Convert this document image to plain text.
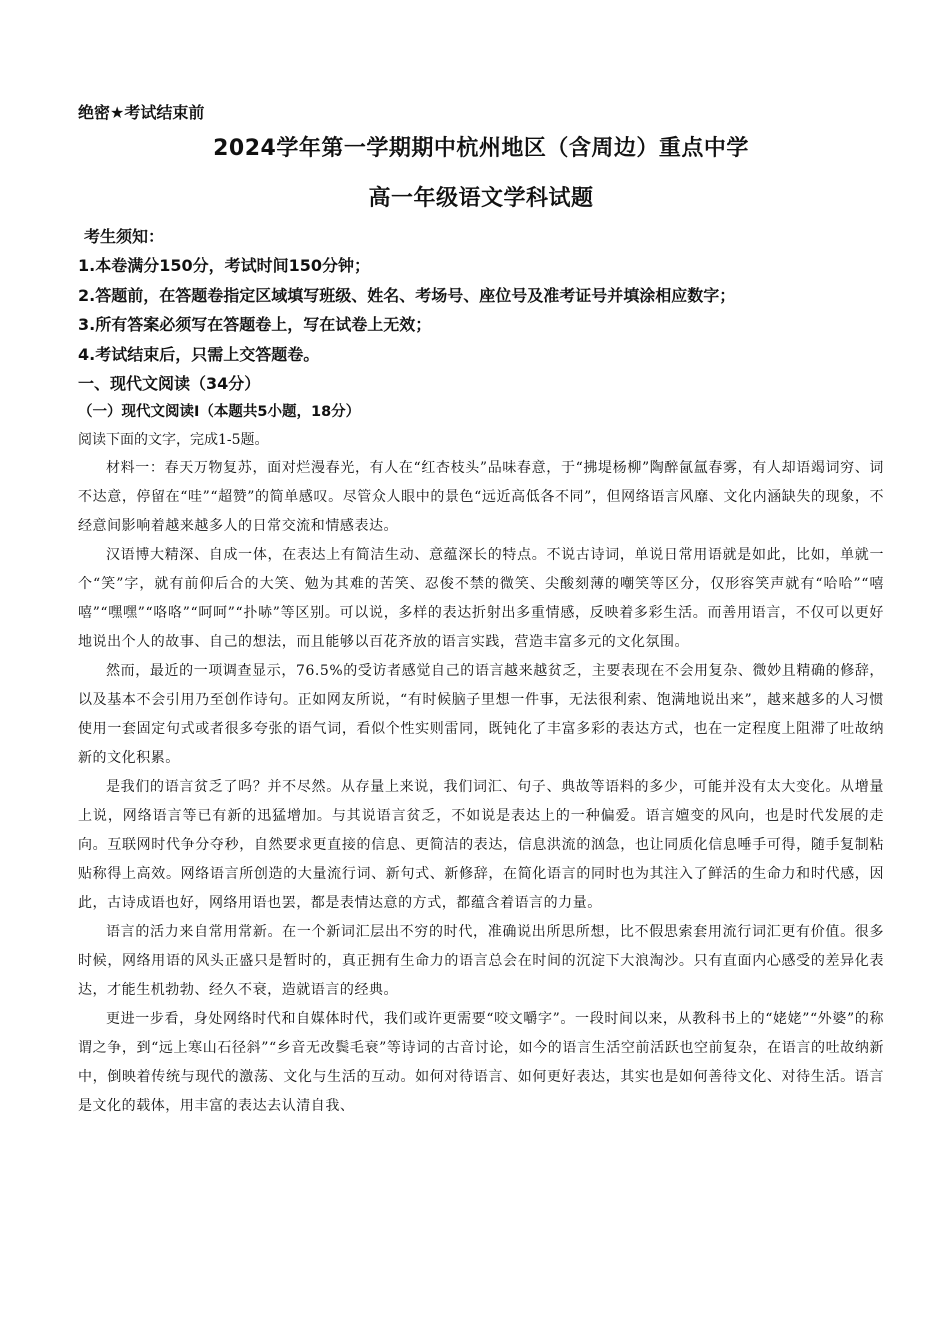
绝密★考试结束前

2024学年第一学期期中杭州地区（含周边）重点中学
高一年级语文学科试题

考生须知：

1.本卷满分150分，考试时间150分钟；
2.答题前，在答题卷指定区域填写班级、姓名、考场号、座位号及准考证号并填涂相应数字；
3.所有答案必须写在答题卷上，写在试卷上无效；
4.考试结束后，只需上交答题卷。

一、现代文阅读（34分）

（一）现代文阅读Ⅰ（本题共5小题，18分）

阅读下面的文字，完成1-5题。

材料一：春天万物复苏，面对烂漫春光，有人在“红杏枝头”品味春意，于“拂堤杨柳”陶醉氤氲春雾，有人却语竭词穷、词不达意，停留在“哇”“超赞”的简单感叹。尽管众人眼中的景色“远近高低各不同”，但网络语言风靡、文化内涵缺失的现象，不经意间影响着越来越多人的日常交流和情感表达。

汉语博大精深、自成一体，在表达上有简洁生动、意蕴深长的特点。不说古诗词，单说日常用语就是如此，比如，单就一个“笑”字，就有前仰后合的大笑、勉为其难的苦笑、忍俊不禁的微笑、尖酸刻薄的嘲笑等区分，仅形容笑声就有“哈哈”“嘻嘻”“嘿嘿”“咯咯”“呵呵”“扑哧”等区别。可以说，多样的表达折射出多重情感，反映着多彩生活。而善用语言，不仅可以更好地说出个人的故事、自己的想法，而且能够以百花齐放的语言实践，营造丰富多元的文化氛围。

然而，最近的一项调查显示，76.5%的受访者感觉自己的语言越来越贫乏，主要表现在不会用复杂、微妙且精确的修辞，以及基本不会引用乃至创作诗句。正如网友所说，“有时候脑子里想一件事，无法很利索、饱满地说出来”，越来越多的人习惯使用一套固定句式或者很多夸张的语气词，看似个性实则雷同，既钝化了丰富多彩的表达方式，也在一定程度上阻滞了吐故纳新的文化积累。

是我们的语言贫乏了吗？并不尽然。从存量上来说，我们词汇、句子、典故等语料的多少，可能并没有太大变化。从增量上说，网络语言等已有新的迅猛增加。与其说语言贫乏，不如说是表达上的一种偏爱。语言嬗变的风向，也是时代发展的走向。互联网时代争分夺秒，自然要求更直接的信息、更简洁的表达，信息洪流的汹急，也让同质化信息唾手可得，随手复制粘贴称得上高效。网络语言所创造的大量流行词、新句式、新修辞，在简化语言的同时也为其注入了鲜活的生命力和时代感，因此，古诗成语也好，网络用语也罢，都是表情达意的方式，都蕴含着语言的力量。

语言的活力来自常用常新。在一个新词汇层出不穷的时代，准确说出所思所想，比不假思索套用流行词汇更有价值。很多时候，网络用语的风头正盛只是暂时的，真正拥有生命力的语言总会在时间的沉淀下大浪淘沙。只有直面内心感受的差异化表达，才能生机勃勃、经久不衰，造就语言的经典。

更进一步看，身处网络时代和自媒体时代，我们或许更需要“咬文嚼字”。一段时间以来，从教科书上的“姥姥”“外婆”的称谓之争，到“远上寒山石径斜”“乡音无改鬓毛衰”等诗词的古音讨论，如今的语言生活空前活跃也空前复杂，在语言的吐故纳新中，倒映着传统与现代的激荡、文化与生活的互动。如何对待语言、如何更好表达，其实也是如何善待文化、对待生活。语言是文化的载体，用丰富的表达去认清自我、
